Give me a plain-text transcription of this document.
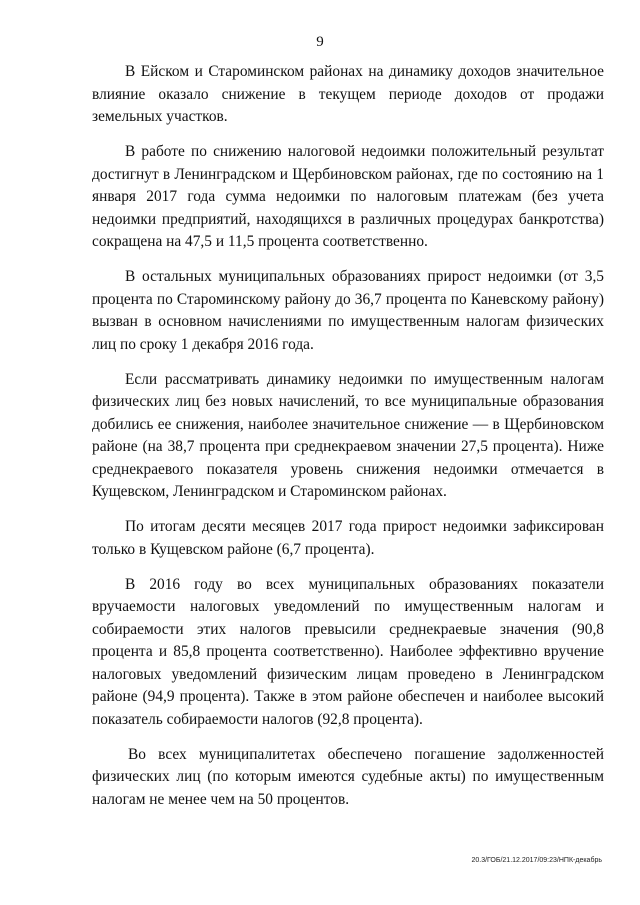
9

В Ейском и Староминском районах на динамику доходов значительное влияние оказало снижение в текущем периоде доходов от продажи земельных участков.

В работе по снижению налоговой недоимки положительный результат достигнут в Ленинградском и Щербиновском районах, где по состоянию на 1 января 2017 года сумма недоимки по налоговым платежам (без учета недоимки предприятий, находящихся в различных процедурах банкротства) сокращена на 47,5 и 11,5 процента соответственно.

В остальных муниципальных образованиях прирост недоимки (от 3,5 процента по Староминскому району до 36,7 процента по Каневскому району) вызван в основном начислениями по имущественным налогам физических лиц по сроку 1 декабря 2016 года.

Если рассматривать динамику недоимки по имущественным налогам физических лиц без новых начислений, то все муниципальные образования добились ее снижения, наиболее значительное снижение — в Щербиновском районе (на 38,7 процента при среднекраевом значении 27,5 процента). Ниже среднекраевого показателя уровень снижения недоимки отмечается в Кущевском, Ленинградском и Староминском районах.

По итогам десяти месяцев 2017 года прирост недоимки зафиксирован только в Кущевском районе (6,7 процента).

В 2016 году во всех муниципальных образованиях показатели вручаемости налоговых уведомлений по имущественным налогам и собираемости этих налогов превысили среднекраевые значения (90,8 процента и 85,8 процента соответственно). Наиболее эффективно вручение налоговых уведомлений физическим лицам проведено в Ленинградском районе (94,9 процента). Также в этом районе обеспечен и наиболее высокий показатель собираемости налогов (92,8 процента).

Во всех муниципалитетах обеспечено погашение задолженностей физических лиц (по которым имеются судебные акты) по имущественным налогам не менее чем на 50 процентов.

20.3/ГОБ/21.12.2017/09:23/НПК-декабрь
